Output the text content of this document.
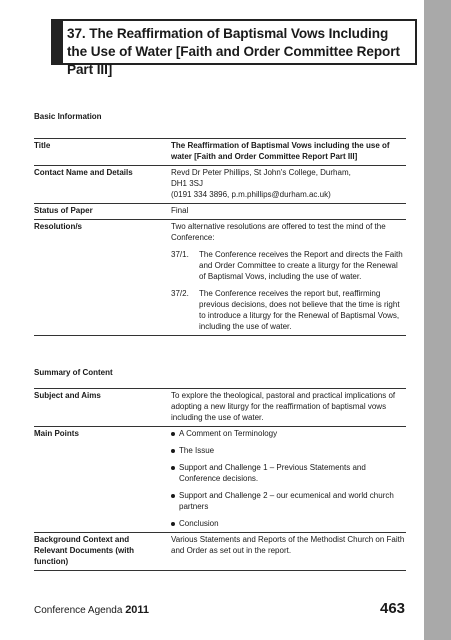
37. The Reaffirmation of Baptismal Vows Including the Use of Water [Faith and Order Committee Report Part III]
Basic Information
Title	The Reaffirmation of Baptismal Vows including the use of water [Faith and Order Committee Report Part III]
Contact Name and Details	Revd Dr Peter Phillips, St John's College, Durham,
DH1 3SJ
(0191 334 3896, p.m.phillips@durham.ac.uk)

Status of Paper	Final
Resolution/s	Two alternative resolutions are offered to test the mind of the Conference:
37/1. The Conference receives the Report and directs the Faith and Order Committee to create a liturgy for the Renewal of Baptismal Vows, including the use of water.
37/2. The Conference receives the report but, reaffirming previous decisions, does not believe that the time is right to introduce a liturgy for the Renewal of Baptismal Vows, including the use of water.
Summary of Content
Subject and Aims	To explore the theological, pastoral and practical implications of adopting a new liturgy for the reaffirmation of baptismal vows including the use of water.
Main Points	A Comment on Terminology
The Issue
Support and Challenge 1 – Previous Statements and Conference decisions.
Support and Challenge 2 – our ecumenical and world church partners
Conclusion

Background Context and Relevant Documents (with function)	Various Statements and Reports of the Methodist Church on Faith and Order as set out in the report.
Conference Agenda 2011	463
